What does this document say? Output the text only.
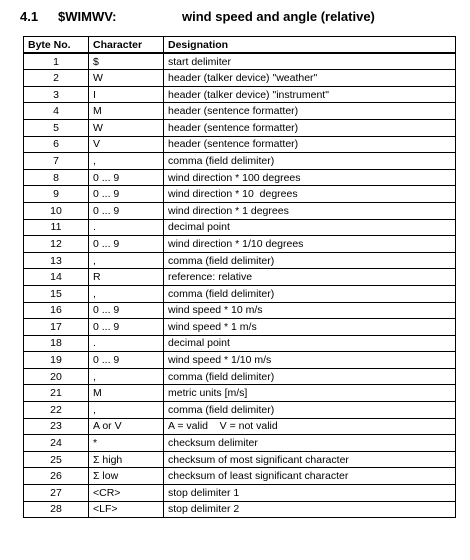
4.1 $WIMWV:	wind speed and angle (relative)
Byte No.	Character	Designation
1	$	start delimiter
2	W	header (talker device) "weather"
3	I	header (talker device) "instrument"
4	M	header (sentence formatter)
5	W	header (sentence formatter)
6	V	header (sentence formatter)
7	,	comma (field delimiter)
8	0 ... 9	wind direction * 100 degrees
9	0 ... 9	wind direction * 10  degrees
10	0 ... 9	wind direction * 1 degrees
11	.	decimal point
12	0 ... 9	wind direction * 1/10 degrees
13	,	comma (field delimiter)
14	R	reference: relative
15	,	comma (field delimiter)
16	0 ... 9	wind speed * 10 m/s
17	0 ... 9	wind speed * 1 m/s
18	.	decimal point
19	0 ... 9	wind speed * 1/10 m/s
20	,	comma (field delimiter)
21	M	metric units [m/s]
22	,	comma (field delimiter)
23	A or V	A = valid    V = not valid
24	*	checksum delimiter
25	Σ high	checksum of most significant character
26	Σ low	checksum of least significant character
27	<CR>	stop delimiter 1
28	<LF>	stop delimiter 2
